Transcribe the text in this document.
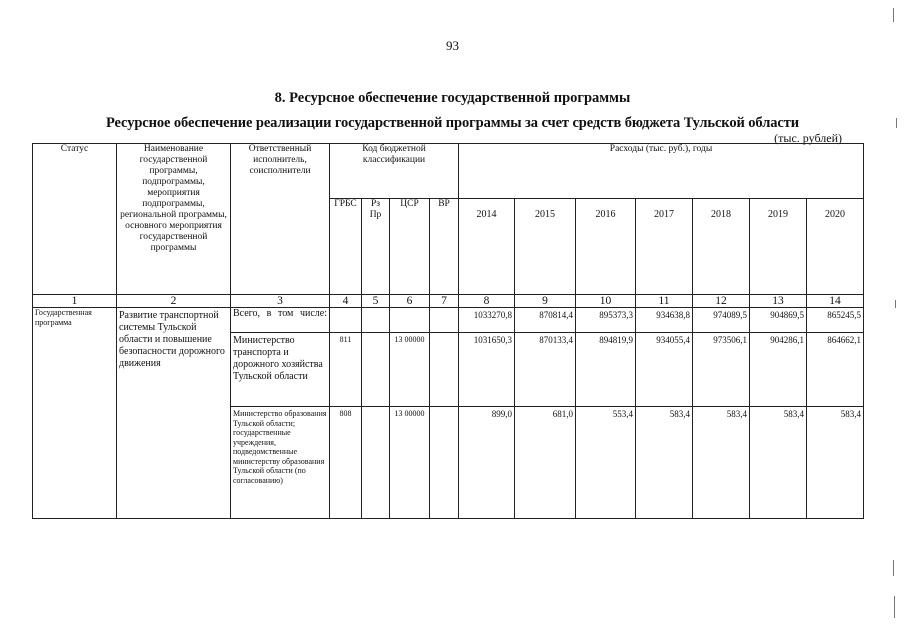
93
8. Ресурсное обеспечение государственной программы
Ресурсное обеспечение реализации государственной программы за счет средств бюджета Тульской области
(тыс. рублей)
Статус	Наименование государственной программы, подпрограммы, мероприятия подпрограммы, региональной программы, основного мероприятия государственной программы	Ответственный исполнитель, соисполнители	Код бюджетной классификации				Расходы (тыс. руб.), годы						
			ГРБС	Рз Пр	ЦСР	ВР	2014	2015	2016	2017	2018	2019	2020
1	2	3	4	5	6	7	8	9	10	11	12	13	14
Государственная программа	Развитие транспортной системы Тульской области и повышение безопасности дорожного движения	Всего, в том числе:					1033270,8	870814,4	895373,3	934638,8	974089,5	904869,5	865245,5
		Министерство транспорта и дорожного хозяйства Тульской области	811		13 00000		1031650,3	870133,4	894819,9	934055,4	973506,1	904286,1	864662,1
		Министерство образования Тульской области; государственные учреждения, подведомственные министерству образования Тульской области (по согласованию)	808		13 00000		899,0	681,0	553,4	583,4	583,4	583,4	583,4
